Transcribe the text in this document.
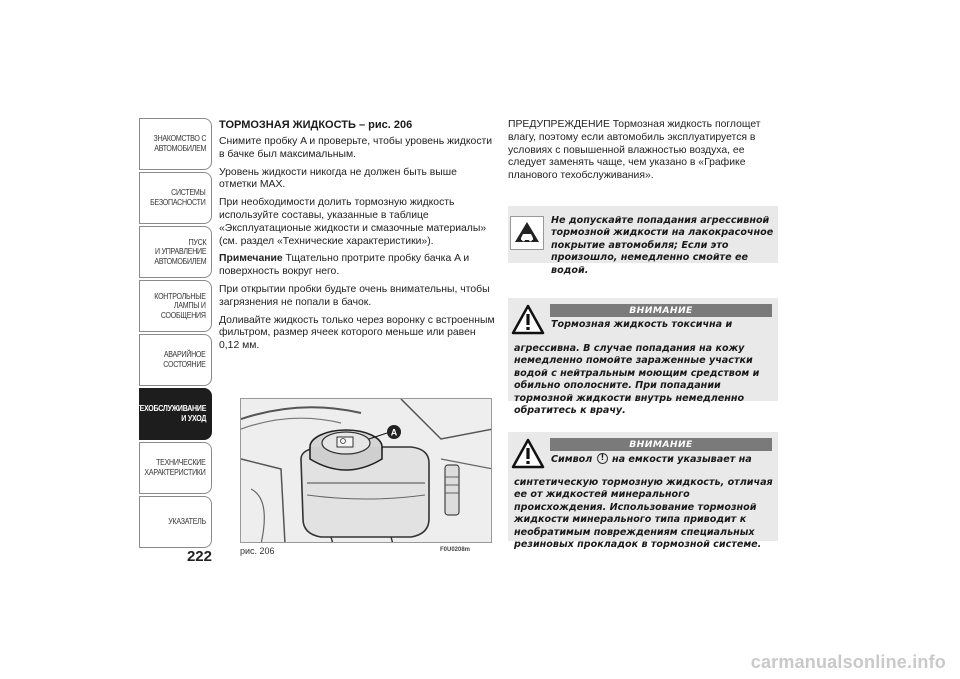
ЗНАКОМСТВО С
АВТОМОБИЛЕМ
СИСТЕМЫ
БЕЗОПАСНОСТИ
ПУСК
И УПРАВЛЕНИЕ
АВТОМОБИЛЕМ
КОНТРОЛЬНЫЕ
ЛАМПЫ И
СООБЩЕНИЯ
АВАРИЙНОЕ
СОСТОЯНИЕ
ТЕХОБСЛУЖИВАНИЕ
И УХОД
ТЕХНИЧЕСКИЕ
ХАРАКТЕРИСТИКИ
УКАЗАТЕЛЬ
222
ТОРМОЗНАЯ ЖИДКОСТЬ – рис. 206

Снимите пробку A и проверьте, чтобы уровень жидкости в бачке был максимальным.

Уровень жидкости никогда не должен быть выше отметки MAX.

При необходимости долить тормозную жидкость используйте составы, указанные в таблице «Эксплуатационые жидкости и смазочные материалы» (см. раздел «Технические характеристики»).

Примечание Тщательно протрите пробку бачка A и поверхность вокруг него.

При открытии пробки будьте очень внимательны, чтобы загрязнения не попали в бачок.

Доливайте жидкость только через воронку с встроенным фильтром, размер ячеек которого меньше или равен 0,12 мм.

A
рис. 206	F0U0208m

ПРЕДУПРЕЖДЕНИЕ Тормозная жидкость поглощет влагу, поэтому если автомобиль эксплуатируется в условиях с повышенной влажностью воздуха, ее следует заменять чаще, чем указано в «Графике планового техобслуживания».

Не допускайте попадания агрессивной тормозной жидкости на лакокрасочное покрытие автомобиля; Если это произошло, немедленно смойте ее водой.

ВНИМАНИЕ

Тормозная жидкость токсична и

агрессивна. В случае попадания на кожу немедленно помойте зараженные участки водой с нейтральным моющим средством и обильно ополосните. При попадании тормозной жидкости внутрь немедленно обратитесь к врачу.

ВНИМАНИЕ

Символ ! на емкости указывает на

синтетическую тормозную жидкость, отличая ее от жидкостей минерального происхождения. Использование тормозной жидкости минерального типа приводит к необратимым повреждениям специальных резиновых прокладок в тормозной системе.

carmanualsonline.info
